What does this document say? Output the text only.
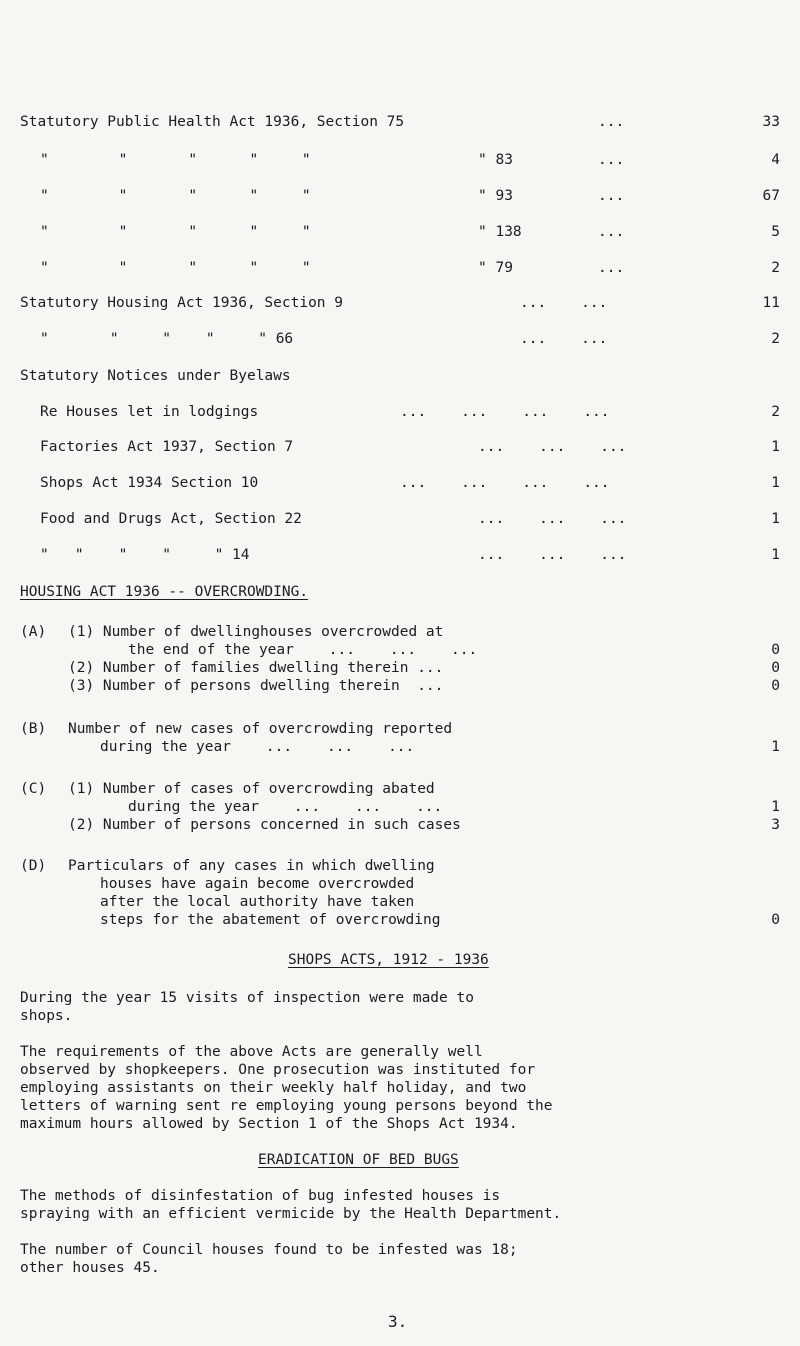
Statutory Public Health Act 1936, Section 75	...	33
"        "       "      "     "	" 83	...	4
"        "       "      "     "	" 93	...	67
"        "       "      "     "	" 138	...	5
"        "       "      "     "	" 79	...	2
Statutory Housing Act 1936, Section 9	...    ...	11
"       "     "    "     " 66	...    ...	2
Statutory Notices under Byelaws
Re Houses let in lodgings	...    ...    ...    ...	2
Factories Act 1937, Section 7	...    ...    ...	1
Shops Act 1934 Section 10	...    ...    ...    ...	1
Food and Drugs Act, Section 22	...    ...    ...	1
"   "    "    "     " 14	...    ...    ...	1
HOUSING ACT 1936 -- OVERCROWDING.
(A) (1) Number of dwellinghouses overcrowded at
the end of the year    ...    ...    ...	0
(2) Number of families dwelling therein ...	0
(3) Number of persons dwelling therein  ...	0
(B) Number of new cases of overcrowding reported
during the year    ...    ...    ...	1
(C) (1) Number of cases of overcrowding abated
during the year    ...    ...    ...	1
(2) Number of persons concerned in such cases	3
(D) Particulars of any cases in which dwelling
houses have again become overcrowded
after the local authority have taken
steps for the abatement of overcrowding	0
SHOPS ACTS, 1912 - 1936
During the year 15 visits of inspection were made to
shops.
The requirements of the above Acts are generally well
observed by shopkeepers. One prosecution was instituted for
employing assistants on their weekly half holiday, and two
letters of warning sent re employing young persons beyond the
maximum hours allowed by Section 1 of the Shops Act 1934.
ERADICATION OF BED BUGS
The methods of disinfestation of bug infested houses is
spraying with an efficient vermicide by the Health Department.
The number of Council houses found to be infested was 18;
other houses 45.
3.
